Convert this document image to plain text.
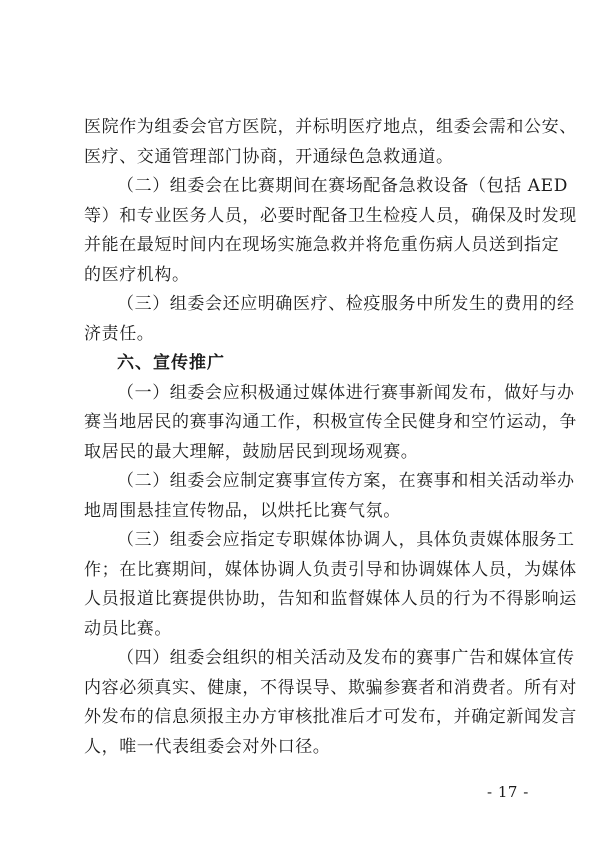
医院作为组委会官方医院，并标明医疗地点，组委会需和公安、
医疗、交通管理部门协商，开通绿色急救通道。
（二）组委会在比赛期间在赛场配备急救设备（包括 AED
等）和专业医务人员，必要时配备卫生检疫人员，确保及时发现
并能在最短时间内在现场实施急救并将危重伤病人员送到指定
的医疗机构。
（三）组委会还应明确医疗、检疫服务中所发生的费用的经
济责任。
六、宣传推广
（一）组委会应积极通过媒体进行赛事新闻发布，做好与办
赛当地居民的赛事沟通工作，积极宣传全民健身和空竹运动，争
取居民的最大理解，鼓励居民到现场观赛。
（二）组委会应制定赛事宣传方案，在赛事和相关活动举办
地周围悬挂宣传物品，以烘托比赛气氛。
（三）组委会应指定专职媒体协调人，具体负责媒体服务工
作；在比赛期间，媒体协调人负责引导和协调媒体人员，为媒体
人员报道比赛提供协助，告知和监督媒体人员的行为不得影响运
动员比赛。
（四）组委会组织的相关活动及发布的赛事广告和媒体宣传
内容必须真实、健康，不得误导、欺骗参赛者和消费者。所有对
外发布的信息须报主办方审核批准后才可发布，并确定新闻发言
人，唯一代表组委会对外口径。
- 17 -
